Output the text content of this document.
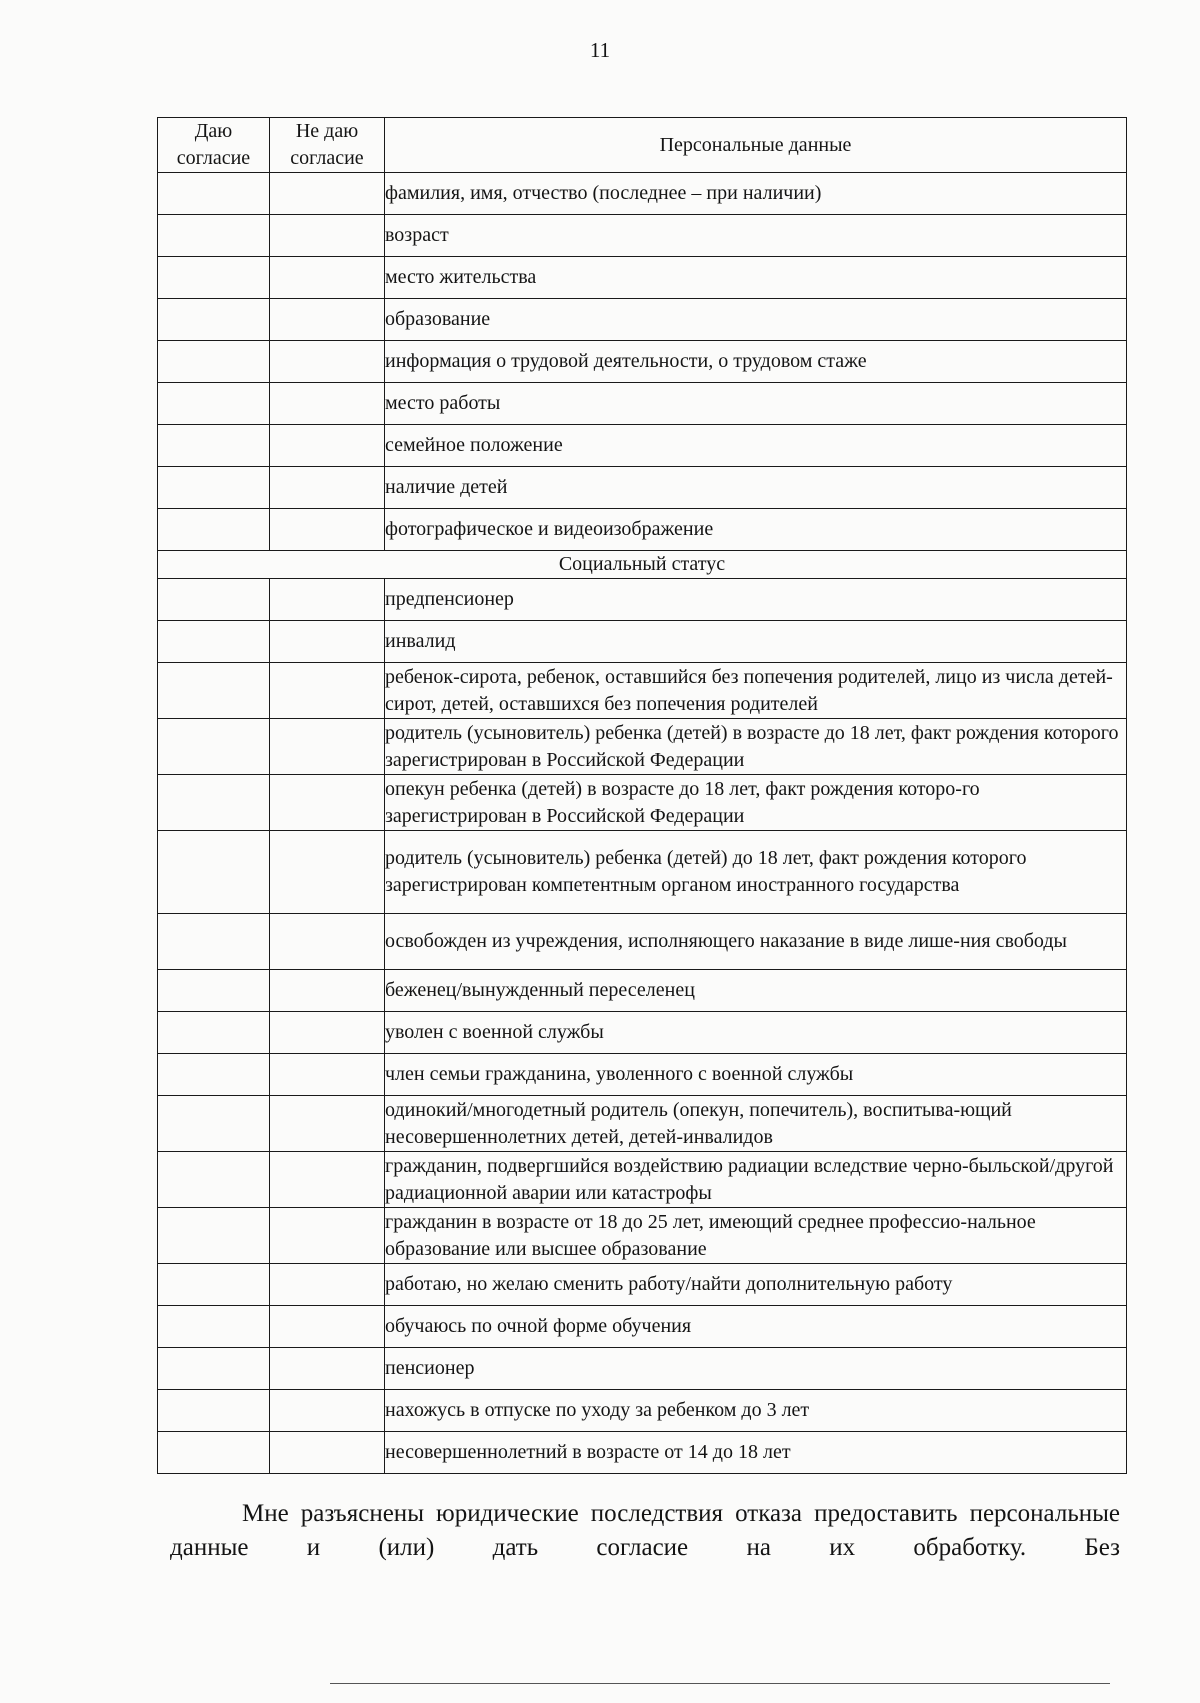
11
Даю согласие	Не даю согласие	Персональные данные
		фамилия, имя, отчество (последнее – при наличии)
		возраст
		место жительства
		образование
		информация о трудовой деятельности, о трудовом стаже
		место работы
		семейное положение
		наличие детей
		фотографическое и видеоизображение
Социальный статус		
		предпенсионер
		инвалид
		ребенок-сирота, ребенок, оставшийся без попечения родителей, лицо из числа детей-сирот, детей, оставшихся без попечения родителей
		родитель (усыновитель) ребенка (детей) в возрасте до 18 лет, факт рождения которого зарегистрирован в Российской Федерации
		опекун ребенка (детей) в возрасте до 18 лет, факт рождения которо-го зарегистрирован в Российской Федерации
		родитель (усыновитель) ребенка (детей) до 18 лет, факт рождения которого зарегистрирован компетентным органом иностранного государства
		освобожден из учреждения, исполняющего наказание в виде лише-ния свободы
		беженец/вынужденный переселенец
		уволен с военной службы
		член семьи гражданина, уволенного с военной службы
		одинокий/многодетный родитель (опекун, попечитель), воспитыва-ющий несовершеннолетних детей, детей-инвалидов
		гражданин, подвергшийся воздействию радиации вследствие черно-быльской/другой радиационной аварии или катастрофы
		гражданин в возрасте от 18 до 25 лет, имеющий среднее профессио-нальное образование или высшее образование
		работаю, но желаю сменить работу/найти дополнительную работу
		обучаюсь по очной форме обучения
		пенсионер
		нахожусь в отпуске по уходу за ребенком до 3 лет
		несовершеннолетний в возрасте от 14 до 18 лет
Мне разъяснены юридические последствия отказа предоставить персональные данные и (или) дать согласие на их обработку. Без
